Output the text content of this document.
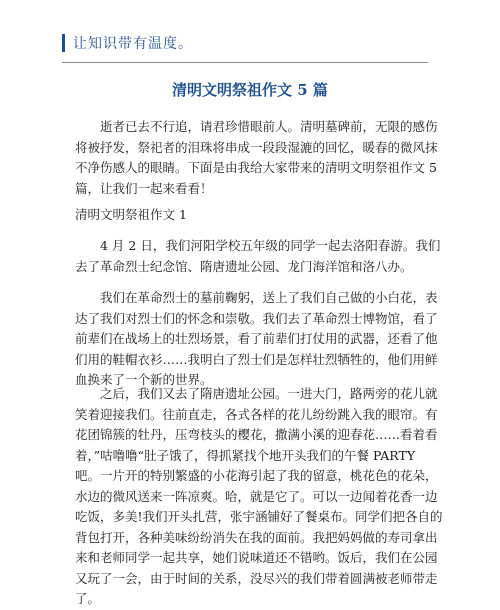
让知识带有温度。
清明文明祭祖作文 5 篇
逝者已去不行追，请君珍惜眼前人。清明墓碑前，无限的感伤
将被抒发，祭祀者的泪珠将串成一段段湿漉的回忆，暖春的微风抹
不净伤感人的眼睛。下面是由我给大家带来的清明文明祭祖作文 5
篇，让我们一起来看看！
清明文明祭祖作文 1
4 月 2 日，我们河阳学校五年级的同学一起去洛阳春游。我们
去了革命烈士纪念馆、隋唐遗址公园、龙门海洋馆和洛八办。
我们在革命烈士的墓前鞠躬，送上了我们自己做的小白花，表
达了我们对烈士们的怀念和崇敬。我们去了革命烈士博物馆，看了
前辈们在战场上的壮烈场景，看了前辈们打仗用的武器，还看了他
们用的鞋帽衣衫……我明白了烈士们是怎样壮烈牺牲的，他们用鲜
血换来了一个新的世界。
之后，我们又去了隋唐遗址公园。一进大门，路两旁的花儿就
笑着迎接我们。往前直走，各式各样的花儿纷纷跳入我的眼帘。有
花团锦簇的牡丹，压弯枝头的樱花，撒满小溪的迎春花……看着看
着，”咕噜噜“肚子饿了，得抓紧找个地开头我们的午餐 PARTY
吧。一片开的特别繁盛的小花海引起了我的留意，桃花色的花朵，
水边的微风送来一阵凉爽。哈，就是它了。可以一边闻着花香一边
吃饭，多美!我们开头扎营，张宇涵铺好了餐桌布。同学们把各自的
背包打开，各种美味纷纷消失在我的面前。我把妈妈做的寿司拿出
来和老师同学一起共享，她们说味道还不错哟。饭后，我们在公园
又玩了一会，由于时间的关系，没尽兴的我们带着圆满被老师带走
了。
